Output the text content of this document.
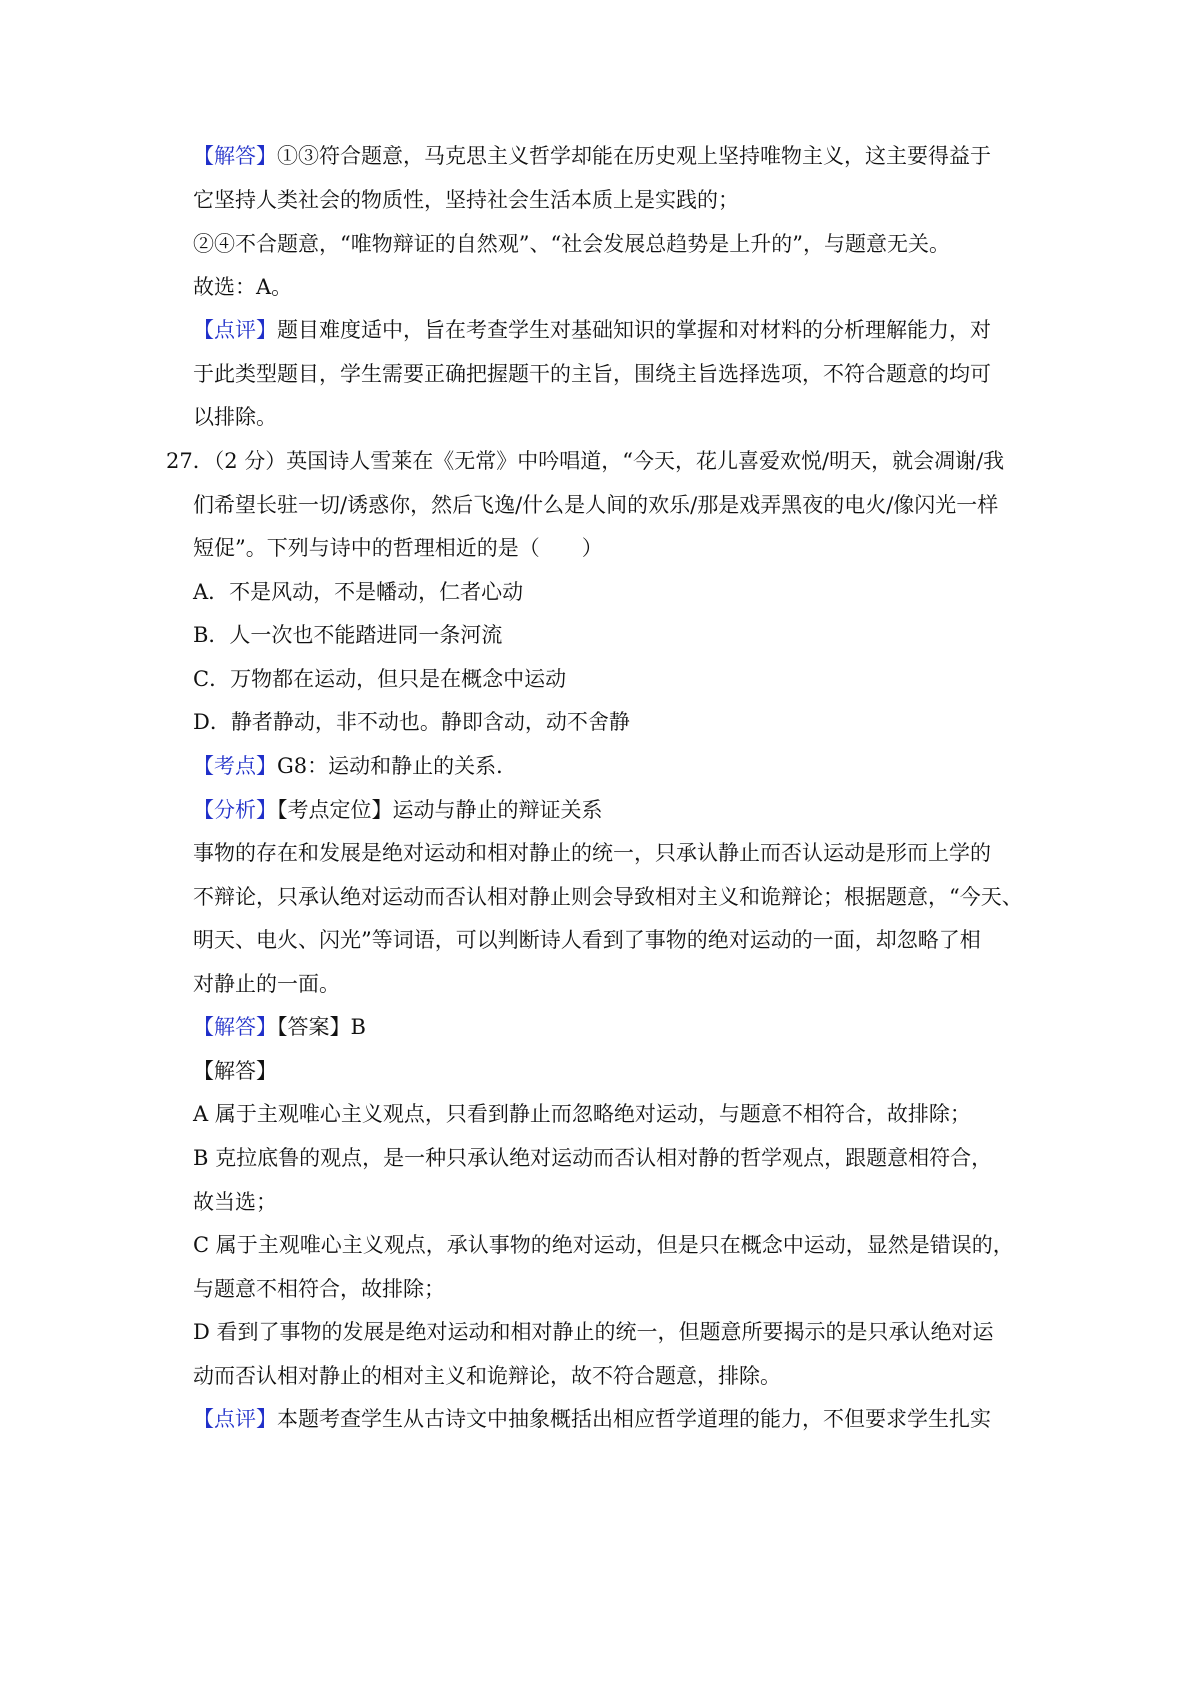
【解答】①③符合题意，马克思主义哲学却能在历史观上坚持唯物主义，这主要得益于
它坚持人类社会的物质性，坚持社会生活本质上是实践的；
②④不合题意，“唯物辩证的自然观”、“社会发展总趋势是上升的”，与题意无关。
故选：A。
【点评】题目难度适中，旨在考查学生对基础知识的掌握和对材料的分析理解能力，对
于此类型题目，学生需要正确把握题干的主旨，围绕主旨选择选项，不符合题意的均可
以排除。
27．（2 分）英国诗人雪莱在《无常》中吟唱道，“今天，花儿喜爱欢悦/明天，就会凋谢/我
们希望长驻一切/诱惑你，然后飞逸/什么是人间的欢乐/那是戏弄黑夜的电火/像闪光一样
短促”。下列与诗中的哲理相近的是（　　）
A．不是风动，不是幡动，仁者心动
B．人一次也不能踏进同一条河流
C．万物都在运动，但只是在概念中运动
D．静者静动，非不动也。静即含动，动不舍静
【考点】G8：运动和静止的关系．
【分析】【考点定位】运动与静止的辩证关系
事物的存在和发展是绝对运动和相对静止的统一，只承认静止而否认运动是形而上学的
不辩论，只承认绝对运动而否认相对静止则会导致相对主义和诡辩论；根据题意，“今天、
明天、电火、闪光”等词语，可以判断诗人看到了事物的绝对运动的一面，却忽略了相
对静止的一面。
【解答】【答案】B
【解答】
A 属于主观唯心主义观点，只看到静止而忽略绝对运动，与题意不相符合，故排除；
B 克拉底鲁的观点，是一种只承认绝对运动而否认相对静的哲学观点，跟题意相符合，
故当选；
C 属于主观唯心主义观点，承认事物的绝对运动，但是只在概念中运动，显然是错误的，
与题意不相符合，故排除；
D 看到了事物的发展是绝对运动和相对静止的统一，但题意所要揭示的是只承认绝对运
动而否认相对静止的相对主义和诡辩论，故不符合题意，排除。
【点评】本题考查学生从古诗文中抽象概括出相应哲学道理的能力，不但要求学生扎实
